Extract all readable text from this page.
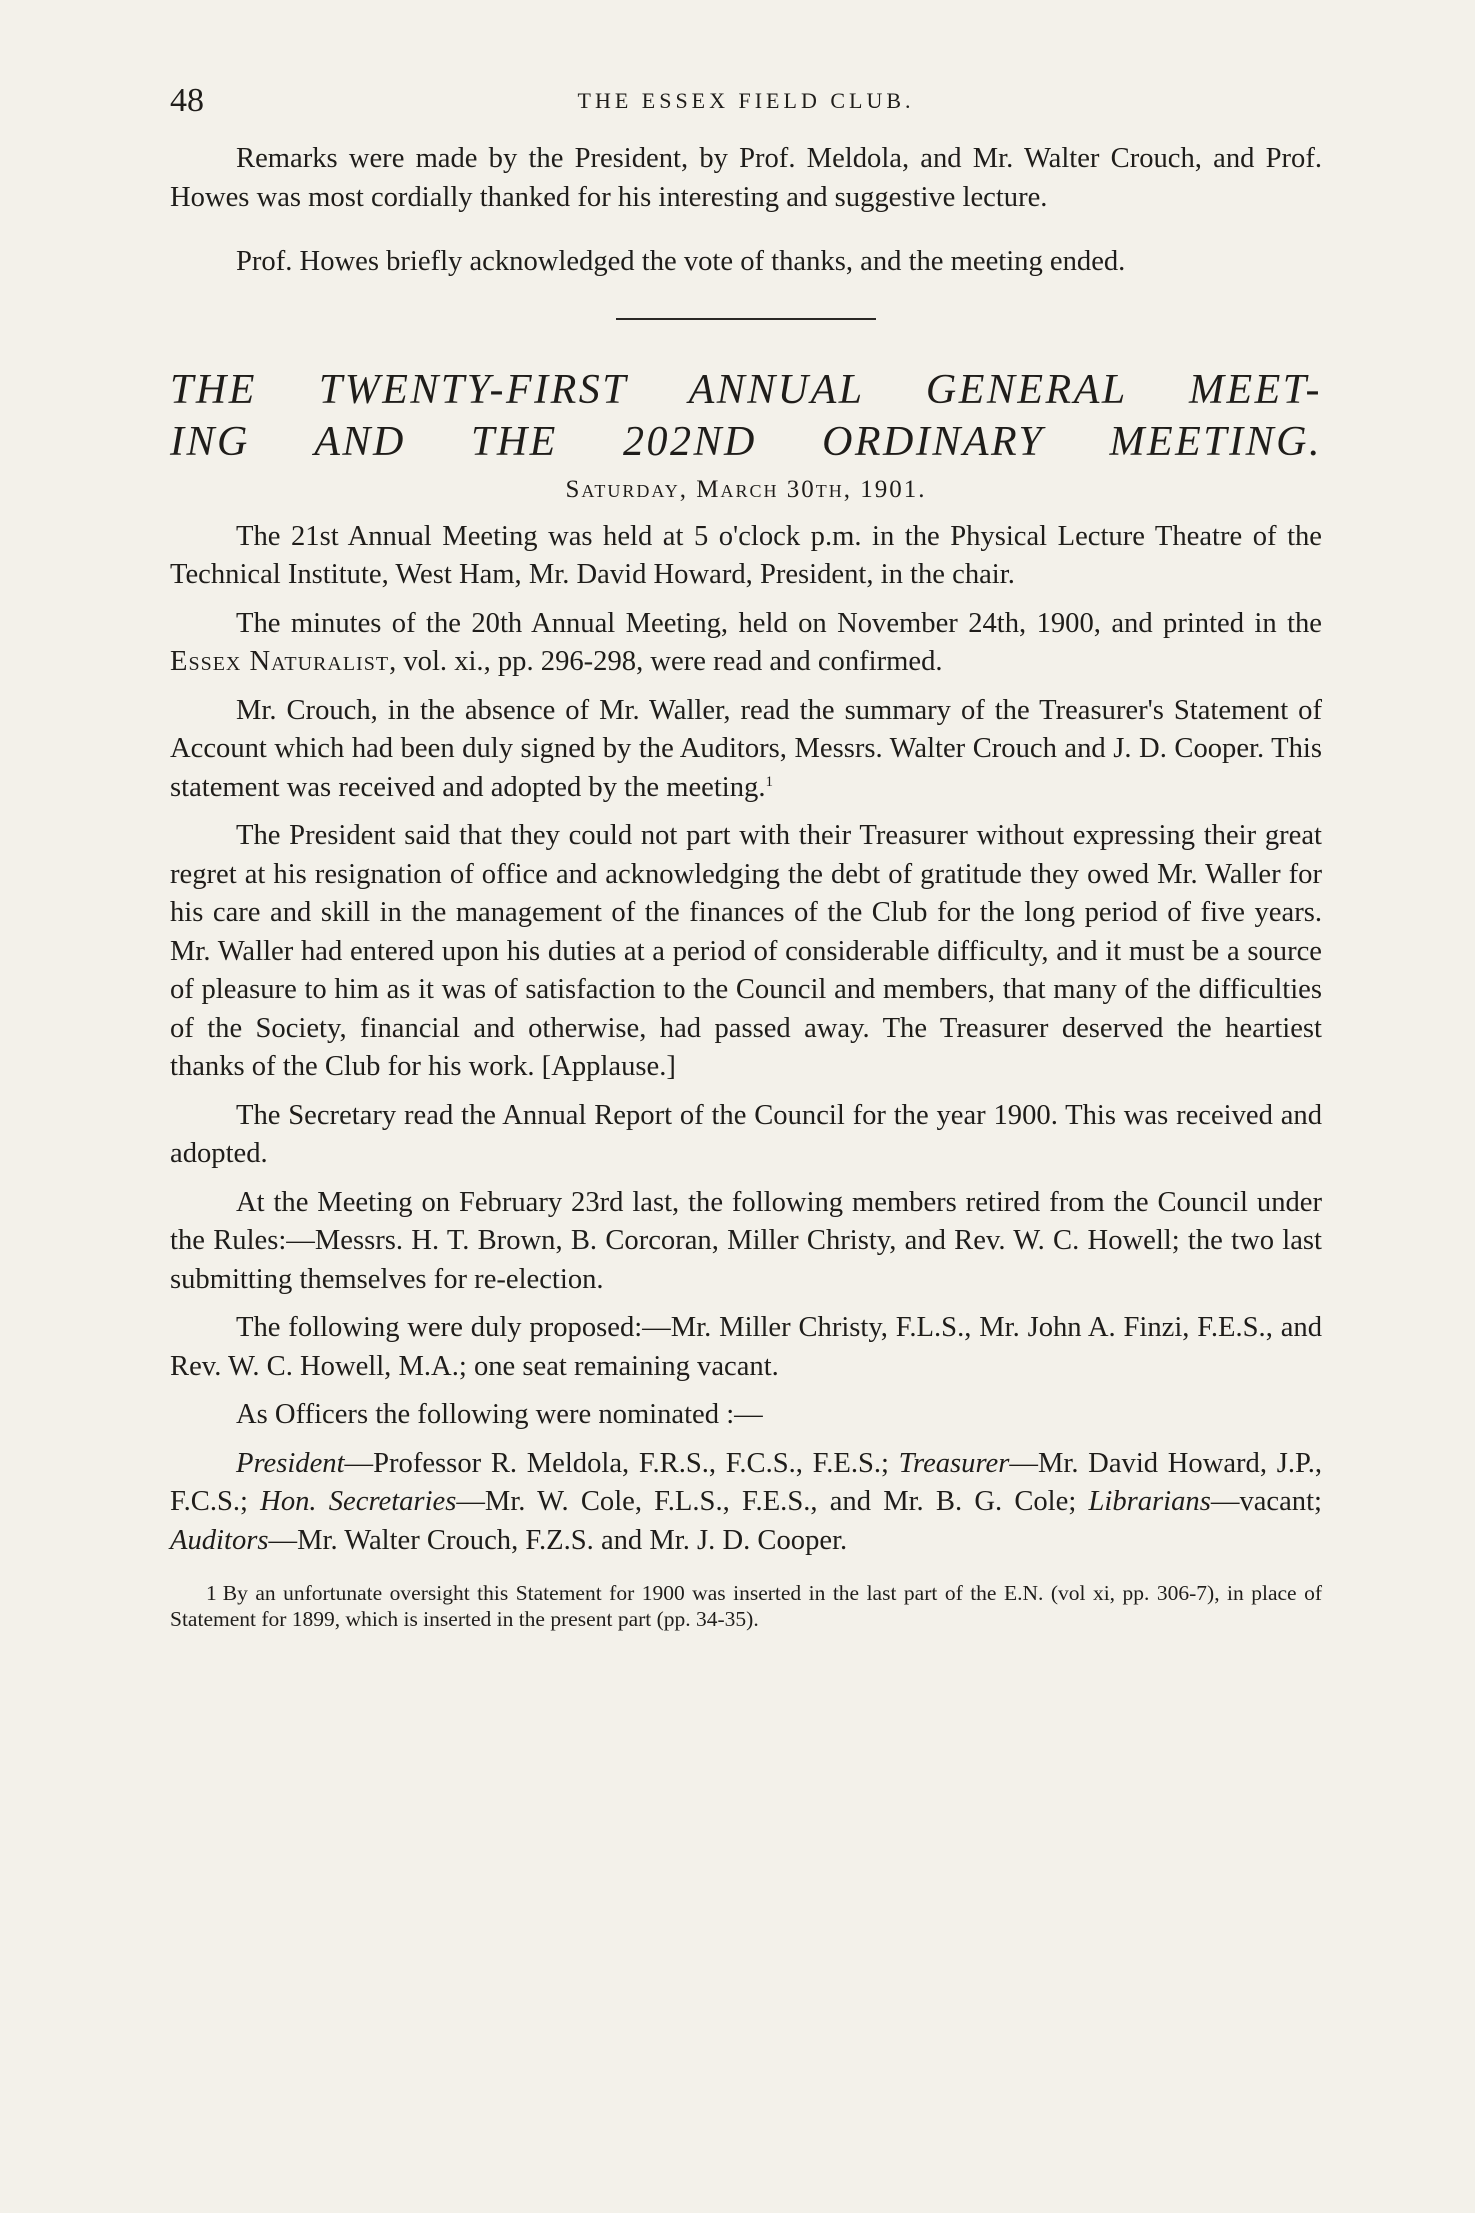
48	THE ESSEX FIELD CLUB.

Remarks were made by the President, by Prof. Meldola, and Mr. Walter Crouch, and Prof. Howes was most cordially thanked for his interesting and suggestive lecture.

Prof. Howes briefly acknowledged the vote of thanks, and the meeting ended.

THE TWENTY-FIRST ANNUAL GENERAL MEET-
ING AND THE 202ND ORDINARY MEETING.
Saturday, March 30th, 1901.

The 21st Annual Meeting was held at 5 o'clock p.m. in the Physical Lecture Theatre of the Technical Institute, West Ham, Mr. David Howard, President, in the chair.

The minutes of the 20th Annual Meeting, held on November 24th, 1900, and printed in the Essex Naturalist, vol. xi., pp. 296-298, were read and confirmed.

Mr. Crouch, in the absence of Mr. Waller, read the summary of the Treasurer's Statement of Account which had been duly signed by the Auditors, Messrs. Walter Crouch and J. D. Cooper. This statement was received and adopted by the meeting.$^1$

The President said that they could not part with their Treasurer without expressing their great regret at his resignation of office and acknowledging the debt of gratitude they owed Mr. Waller for his care and skill in the management of the finances of the Club for the long period of five years. Mr. Waller had entered upon his duties at a period of considerable difficulty, and it must be a source of pleasure to him as it was of satisfaction to the Council and members, that many of the difficulties of the Society, financial and otherwise, had passed away. The Treasurer deserved the heartiest thanks of the Club for his work. [Applause.]

The Secretary read the Annual Report of the Council for the year 1900. This was received and adopted.

At the Meeting on February 23rd last, the following members retired from the Council under the Rules:—Messrs. H. T. Brown, B. Corcoran, Miller Christy, and Rev. W. C. Howell; the two last submitting themselves for re-election.

The following were duly proposed:—Mr. Miller Christy, F.L.S., Mr. John A. Finzi, F.E.S., and Rev. W. C. Howell, M.A.; one seat remaining vacant.

As Officers the following were nominated :—

President—Professor R. Meldola, F.R.S., F.C.S., F.E.S.; Treasurer—Mr. David Howard, J.P., F.C.S.; Hon. Secretaries—Mr. W. Cole, F.L.S., F.E.S., and Mr. B. G. Cole; Librarians—vacant; Auditors—Mr. Walter Crouch, F.Z.S. and Mr. J. D. Cooper.

1 By an unfortunate oversight this Statement for 1900 was inserted in the last part of the E.N. (vol xi, pp. 306-7), in place of Statement for 1899, which is inserted in the present part (pp. 34-35).
